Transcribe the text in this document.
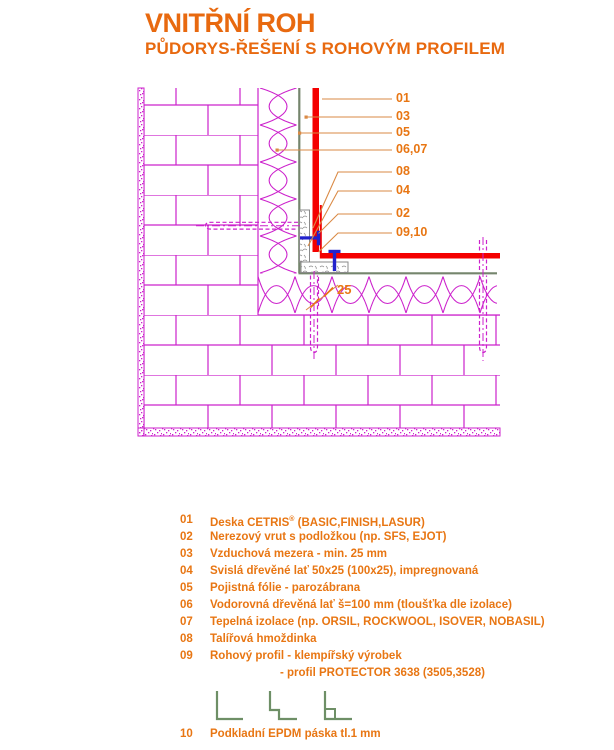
VNITŘNÍ ROH
PŮDORYS-ŘEŠENÍ S ROHOVÝM PROFILEM
01
03
05
06,07
08
04
02
09,10
25
01 Deska CETRIS® (BASIC,FINISH,LASUR)
02 Nerezový vrut s podložkou (np. SFS, EJOT)
03 Vzduchová mezera - min. 25 mm
04 Svislá dřevěné lať 50x25 (100x25), impregnovaná
05 Pojistná fólie - parozábrana
06 Vodorovná dřevěná lať š=100 mm (tloušťka dle izolace)
07 Tepelná izolace (np. ORSIL, ROCKWOOL, ISOVER, NOBASIL)
08 Talířová hmoždinka
09 Rohový profil - klempířský výrobek
- profil PROTECTOR 3638 (3505,3528)
10 Podkladní EPDM páska tl.1 mm
